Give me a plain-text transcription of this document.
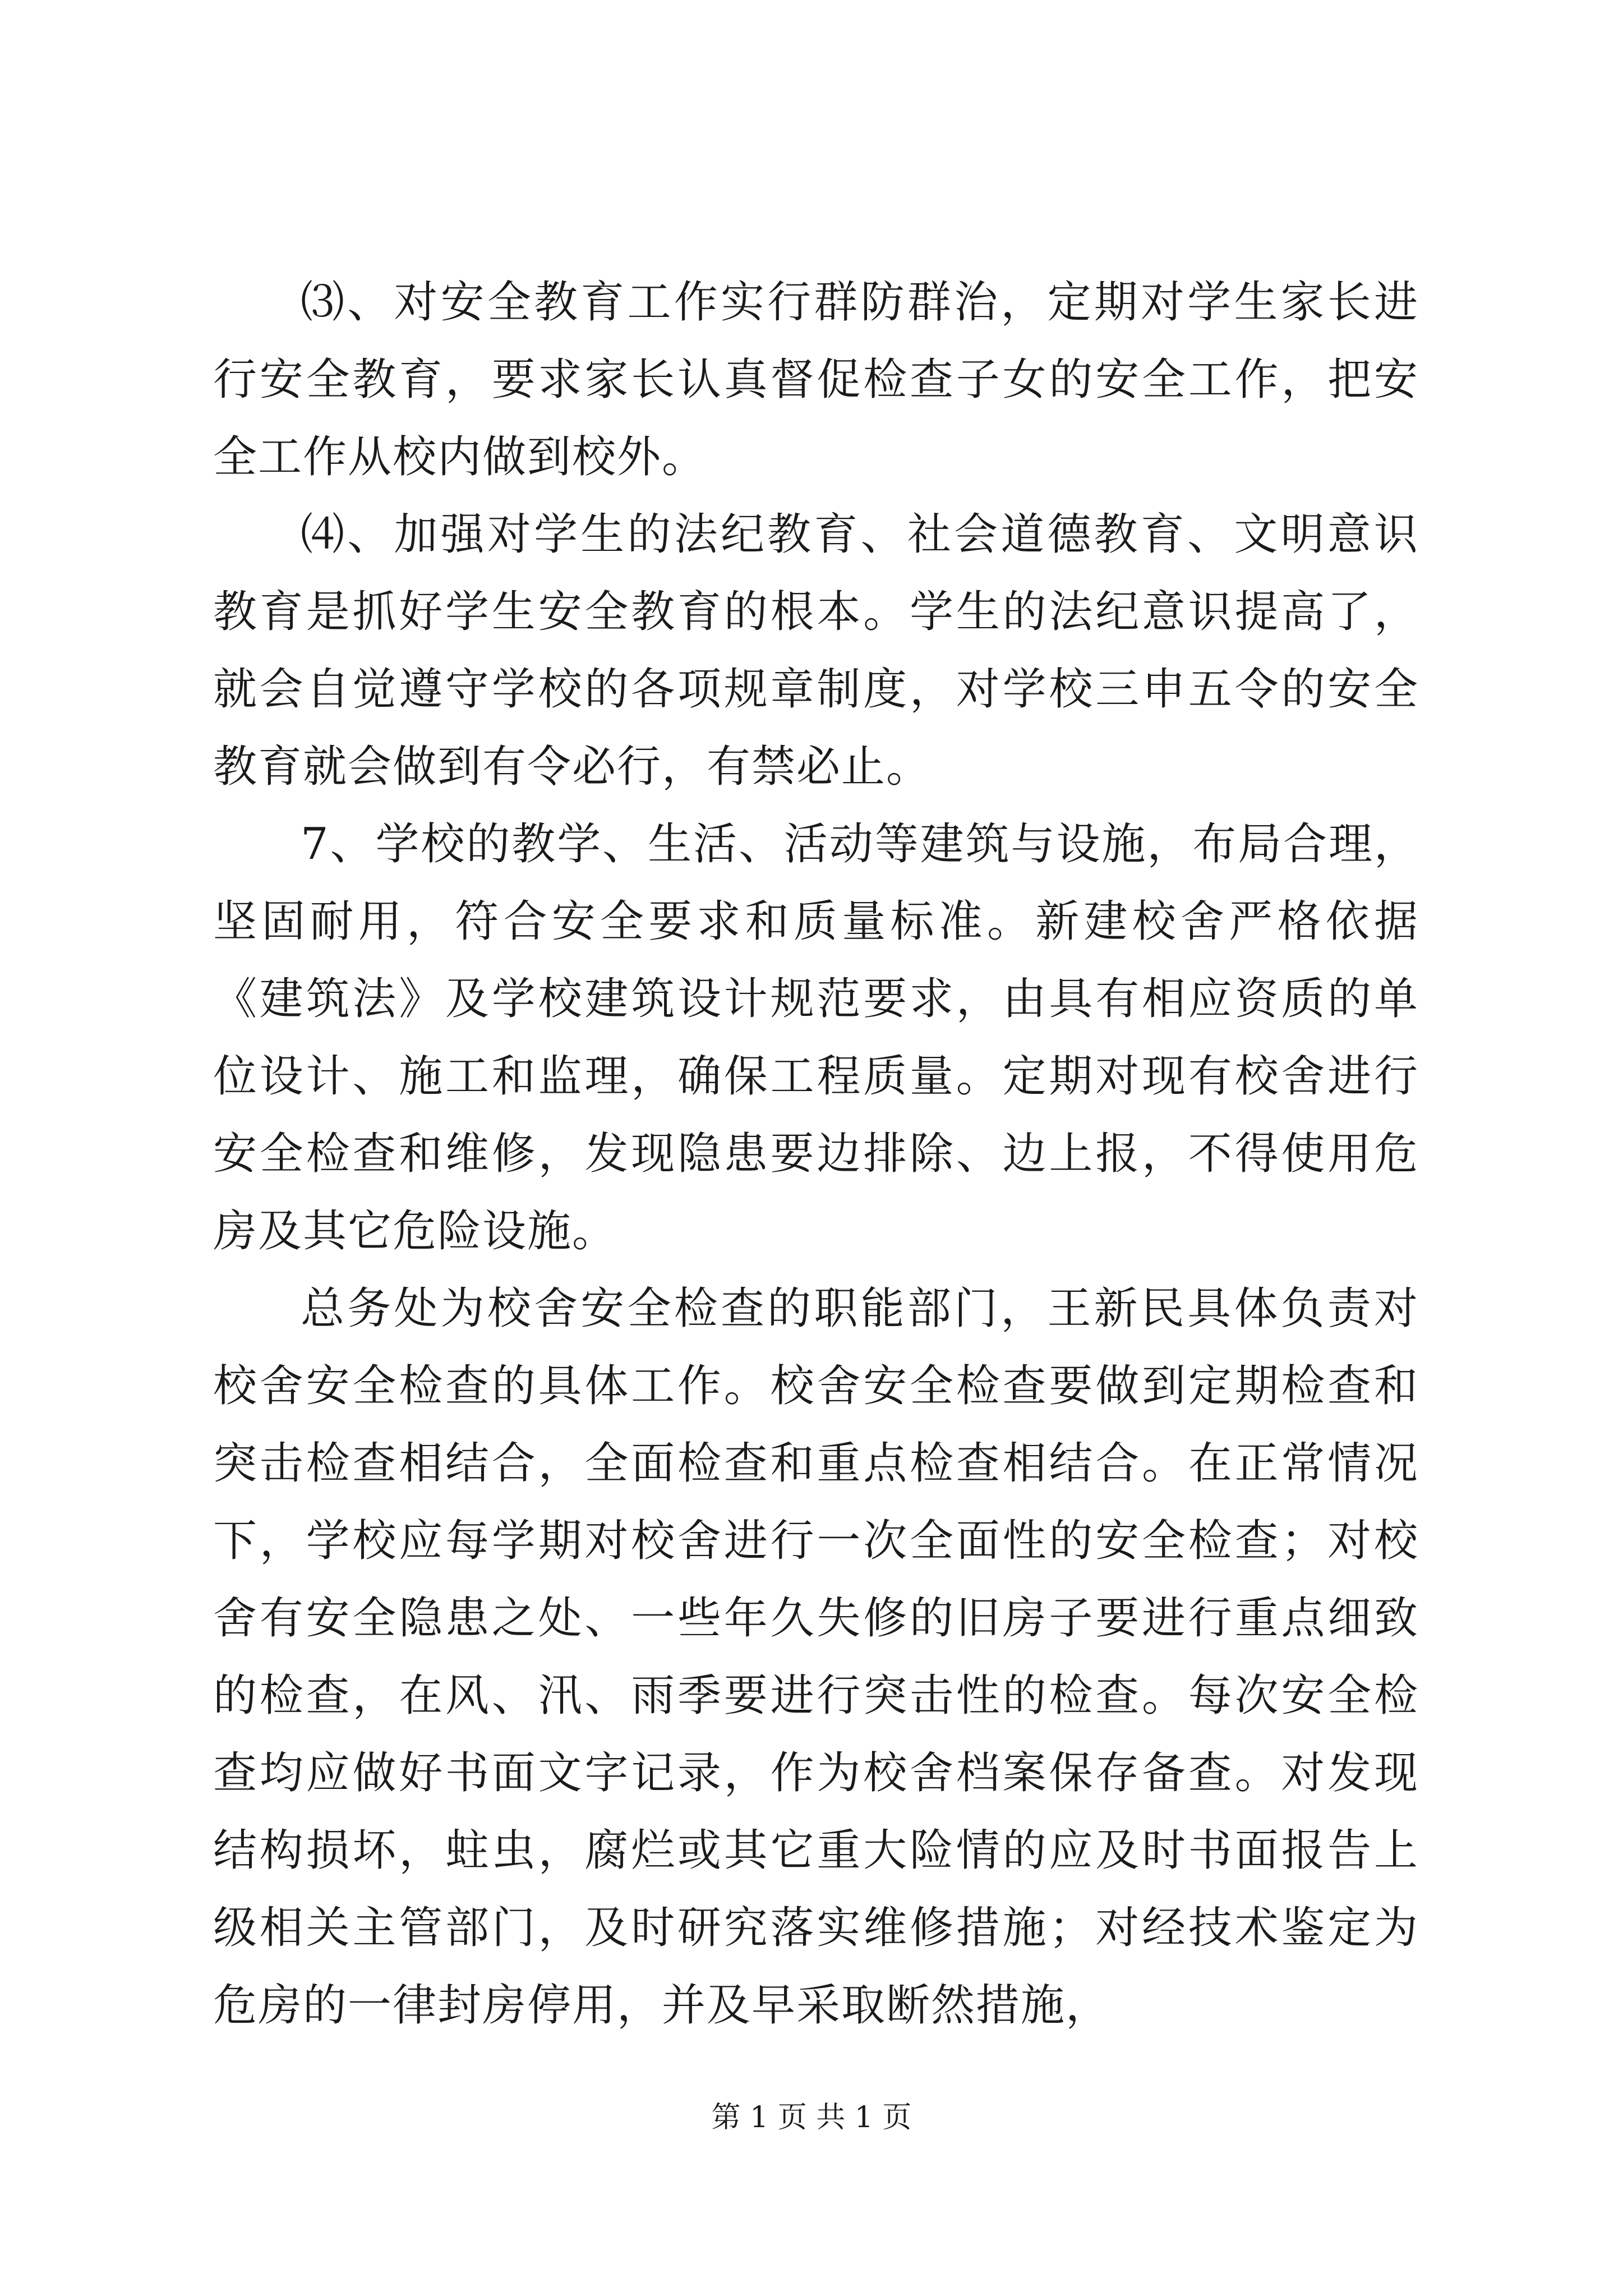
⑶、对安全教育工作实行群防群治，定期对学生家长进行安全教育，要求家长认真督促检查子女的安全工作，把安全工作从校内做到校外。

⑷、加强对学生的法纪教育、社会道德教育、文明意识教育是抓好学生安全教育的根本。学生的法纪意识提高了，就会自觉遵守学校的各项规章制度，对学校三申五令的安全教育就会做到有令必行，有禁必止。

7、学校的教学、生活、活动等建筑与设施，布局合理，坚固耐用，符合安全要求和质量标准。新建校舍严格依据《建筑法》及学校建筑设计规范要求，由具有相应资质的单位设计、施工和监理，确保工程质量。定期对现有校舍进行安全检查和维修，发现隐患要边排除、边上报，不得使用危房及其它危险设施。

总务处为校舍安全检查的职能部门，王新民具体负责对校舍安全检查的具体工作。校舍安全检查要做到定期检查和突击检查相结合，全面检查和重点检查相结合。在正常情况下，学校应每学期对校舍进行一次全面性的安全检查；对校舍有安全隐患之处、一些年久失修的旧房子要进行重点细致的检查，在风、汛、雨季要进行突击性的检查。每次安全检查均应做好书面文字记录，作为校舍档案保存备查。对发现结构损坏，蛀虫，腐烂或其它重大险情的应及时书面报告上级相关主管部门，及时研究落实维修措施；对经技术鉴定为危房的一律封房停用，并及早采取断然措施，

第 1 页 共 1 页
